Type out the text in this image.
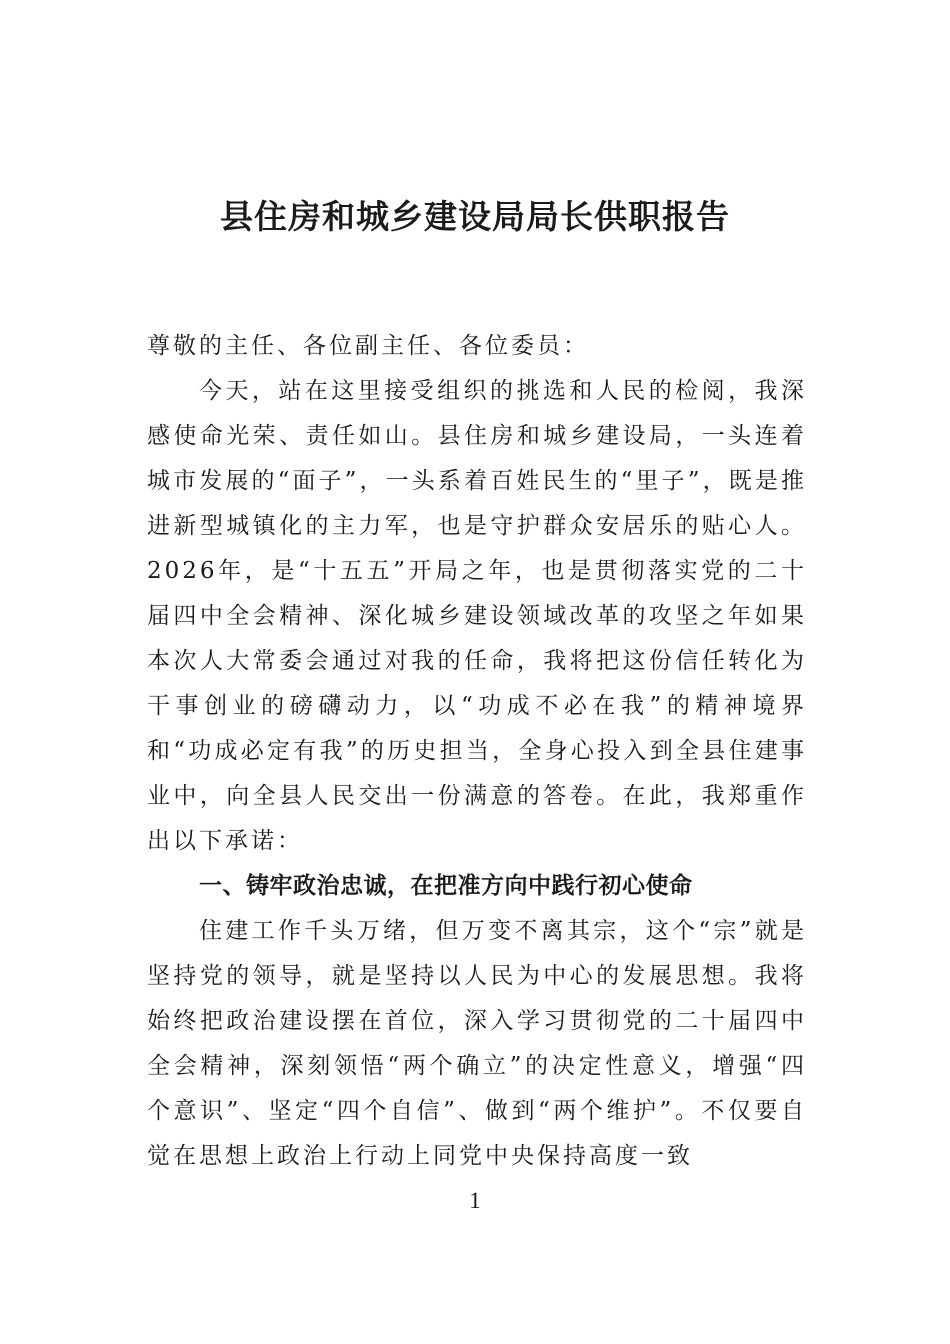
县住房和城乡建设局局长供职报告

尊敬的主任、各位副主任、各位委员：

今天，站在这里接受组织的挑选和人民的检阅，我深感使命光荣、责任如山。县住房和城乡建设局，一头连着城市发展的“面子”，一头系着百姓民生的“里子”，既是推进新型城镇化的主力军，也是守护群众安居乐的贴心人。2026年，是“十五五”开局之年，也是贯彻落实党的二十届四中全会精神、深化城乡建设领域改革的攻坚之年如果本次人大常委会通过对我的任命，我将把这份信任转化为干事创业的磅礴动力，以“功成不必在我”的精神境界和“功成必定有我”的历史担当，全身心投入到全县住建事业中，向全县人民交出一份满意的答卷。在此，我郑重作出以下承诺：

一、铸牢政治忠诚，在把准方向中践行初心使命

住建工作千头万绪，但万变不离其宗，这个“宗”就是坚持党的领导，就是坚持以人民为中心的发展思想。我将始终把政治建设摆在首位，深入学习贯彻党的二十届四中全会精神，深刻领悟“两个确立”的决定性意义，增强“四个意识”、坚定“四个自信”、做到“两个维护”。不仅要自觉在思想上政治上行动上同党中央保持高度一致

1
